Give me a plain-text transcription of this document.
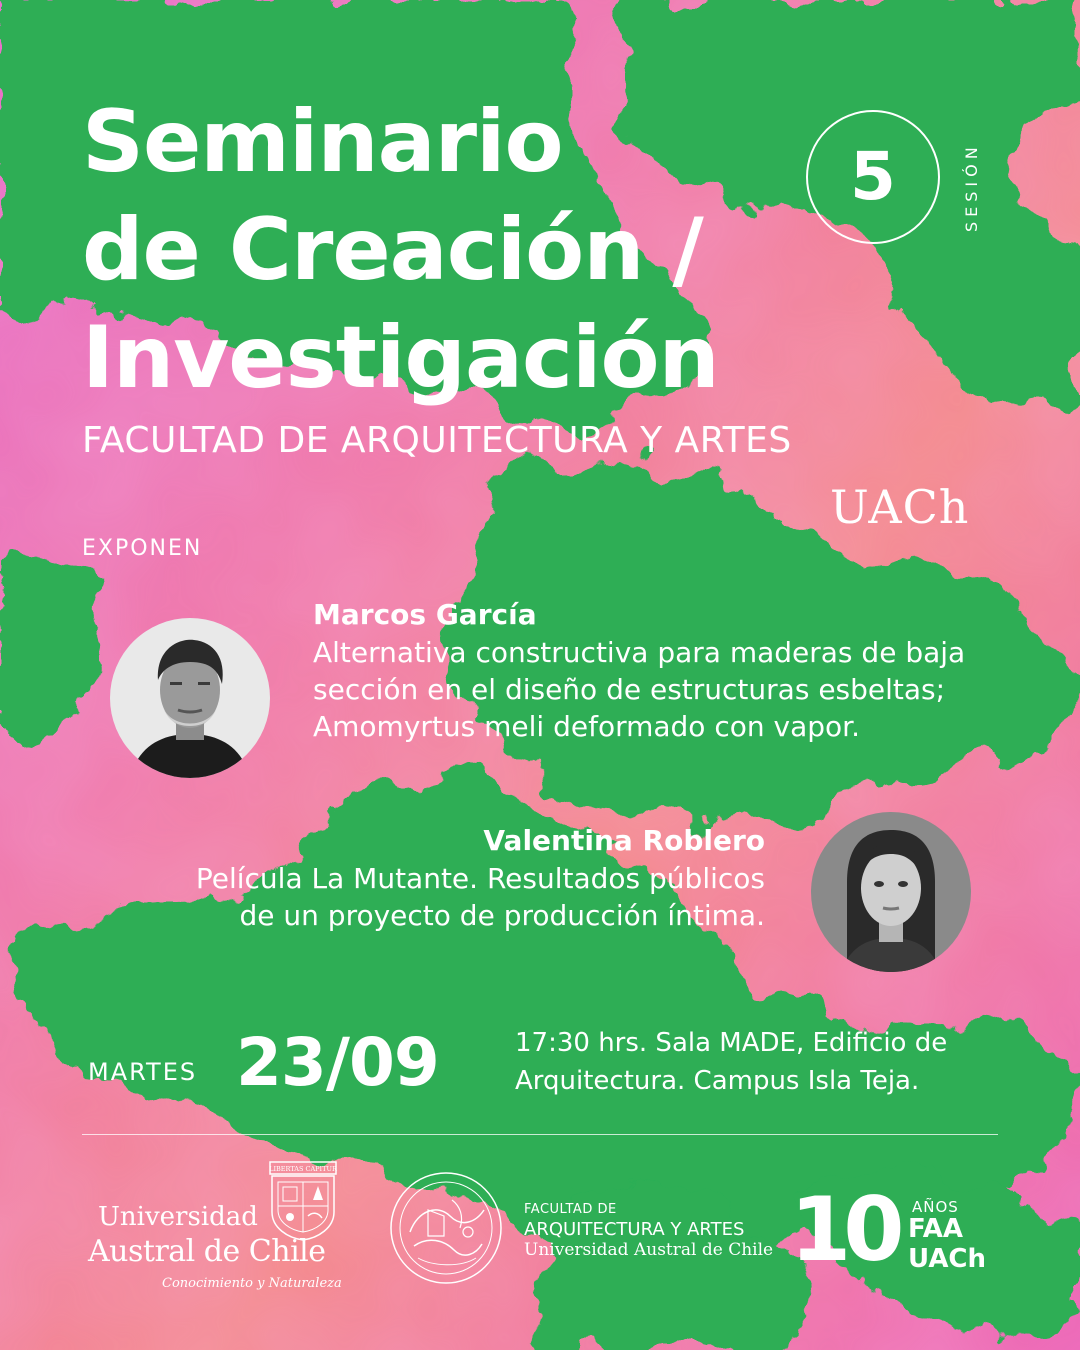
Seminario
de Creación /
Investigación
5	SESIÓN
FACULTAD DE ARQUITECTURA Y ARTES
UACh
EXPONEN
Marcos García
Alternativa constructiva para maderas de baja
sección en el diseño de estructuras esbeltas;
Amomyrtus meli deformado con vapor.
Valentina Roblero
Película La Mutante. Resultados públicos
de un proyecto de producción íntima.
MARTES 23/09	17:30 hrs. Sala MADE, Edificio de
Arquitectura. Campus Isla Teja.
LIBERTAS CAPITUR
Universidad
Austral de Chile
Conocimiento y Naturaleza
FACULTAD DE
ARQUITECTURA Y ARTES
Universidad Austral de Chile 10 AÑOS
FAA
UACh
